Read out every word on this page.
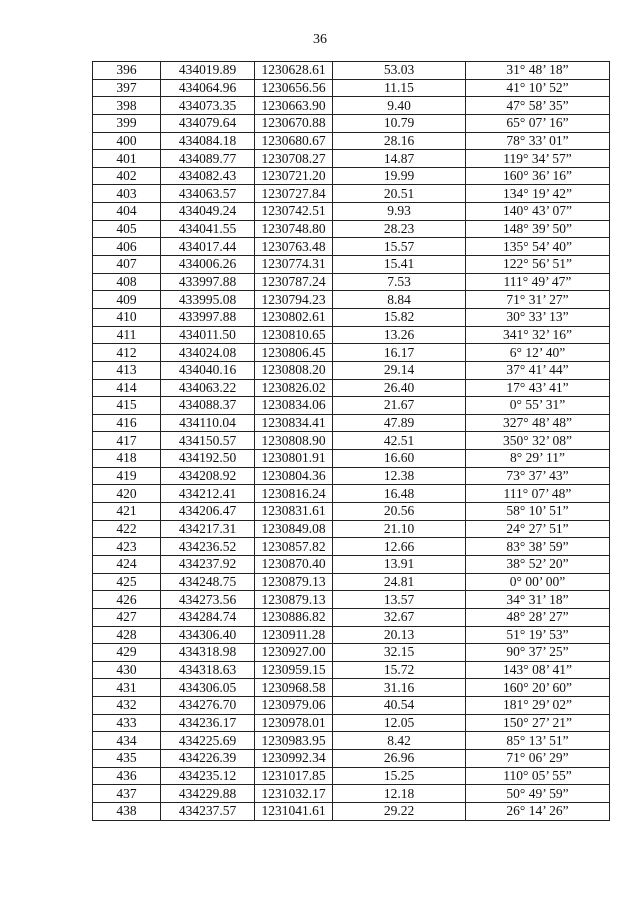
36
396	434019.89	1230628.61	53.03	31° 48’ 18”
397	434064.96	1230656.56	11.15	41° 10’ 52”
398	434073.35	1230663.90	9.40	47° 58’ 35”
399	434079.64	1230670.88	10.79	65° 07’ 16”
400	434084.18	1230680.67	28.16	78° 33’ 01”
401	434089.77	1230708.27	14.87	119° 34’ 57”
402	434082.43	1230721.20	19.99	160° 36’ 16”
403	434063.57	1230727.84	20.51	134° 19’ 42”
404	434049.24	1230742.51	9.93	140° 43’ 07”
405	434041.55	1230748.80	28.23	148° 39’ 50”
406	434017.44	1230763.48	15.57	135° 54’ 40”
407	434006.26	1230774.31	15.41	122° 56’ 51”
408	433997.88	1230787.24	7.53	111° 49’ 47”
409	433995.08	1230794.23	8.84	71° 31’ 27”
410	433997.88	1230802.61	15.82	30° 33’ 13”
411	434011.50	1230810.65	13.26	341° 32’ 16”
412	434024.08	1230806.45	16.17	6° 12’ 40”
413	434040.16	1230808.20	29.14	37° 41’ 44”
414	434063.22	1230826.02	26.40	17° 43’ 41”
415	434088.37	1230834.06	21.67	0° 55’ 31”
416	434110.04	1230834.41	47.89	327° 48’ 48”
417	434150.57	1230808.90	42.51	350° 32’ 08”
418	434192.50	1230801.91	16.60	8° 29’ 11”
419	434208.92	1230804.36	12.38	73° 37’ 43”
420	434212.41	1230816.24	16.48	111° 07’ 48”
421	434206.47	1230831.61	20.56	58° 10’ 51”
422	434217.31	1230849.08	21.10	24° 27’ 51”
423	434236.52	1230857.82	12.66	83° 38’ 59”
424	434237.92	1230870.40	13.91	38° 52’ 20”
425	434248.75	1230879.13	24.81	0° 00’ 00”
426	434273.56	1230879.13	13.57	34° 31’ 18”
427	434284.74	1230886.82	32.67	48° 28’ 27”
428	434306.40	1230911.28	20.13	51° 19’ 53”
429	434318.98	1230927.00	32.15	90° 37’ 25”
430	434318.63	1230959.15	15.72	143° 08’ 41”
431	434306.05	1230968.58	31.16	160° 20’ 60”
432	434276.70	1230979.06	40.54	181° 29’ 02”
433	434236.17	1230978.01	12.05	150° 27’ 21”
434	434225.69	1230983.95	8.42	85° 13’ 51”
435	434226.39	1230992.34	26.96	71° 06’ 29”
436	434235.12	1231017.85	15.25	110° 05’ 55”
437	434229.88	1231032.17	12.18	50° 49’ 59”
438	434237.57	1231041.61	29.22	26° 14’ 26”
